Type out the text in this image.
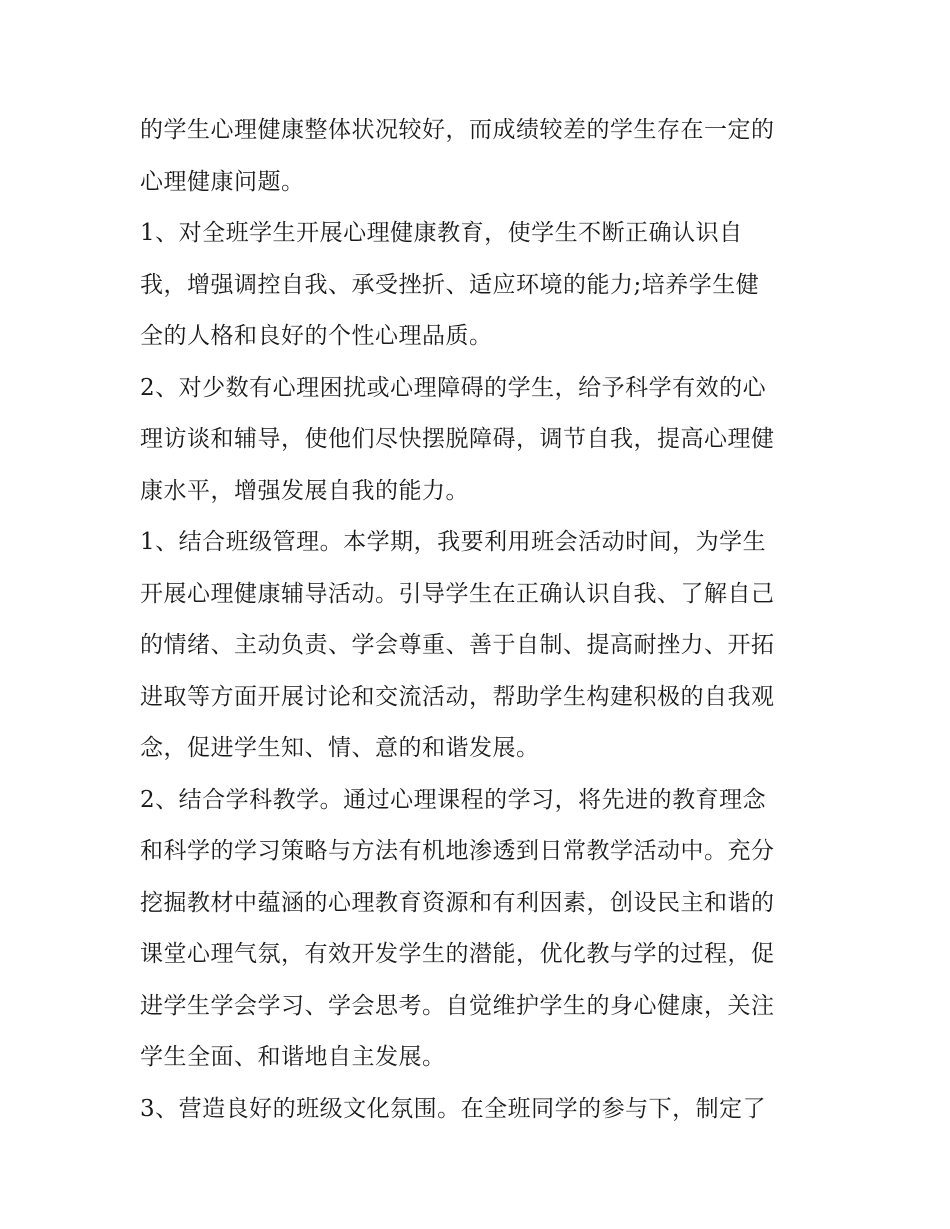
的学生心理健康整体状况较好，而成绩较差的学生存在一定的
心理健康问题。
1、对全班学生开展心理健康教育，使学生不断正确认识自
我，增强调控自我、承受挫折、适应环境的能力;培养学生健
全的人格和良好的个性心理品质。
2、对少数有心理困扰或心理障碍的学生，给予科学有效的心
理访谈和辅导，使他们尽快摆脱障碍，调节自我，提高心理健
康水平，增强发展自我的能力。
1、结合班级管理。本学期，我要利用班会活动时间，为学生
开展心理健康辅导活动。引导学生在正确认识自我、了解自己
的情绪、主动负责、学会尊重、善于自制、提高耐挫力、开拓
进取等方面开展讨论和交流活动，帮助学生构建积极的自我观
念，促进学生知、情、意的和谐发展。
2、结合学科教学。通过心理课程的学习，将先进的教育理念
和科学的学习策略与方法有机地渗透到日常教学活动中。充分
挖掘教材中蕴涵的心理教育资源和有利因素，创设民主和谐的
课堂心理气氛，有效开发学生的潜能，优化教与学的过程，促
进学生学会学习、学会思考。自觉维护学生的身心健康，关注
学生全面、和谐地自主发展。
3、营造良好的班级文化氛围。在全班同学的参与下，制定了
